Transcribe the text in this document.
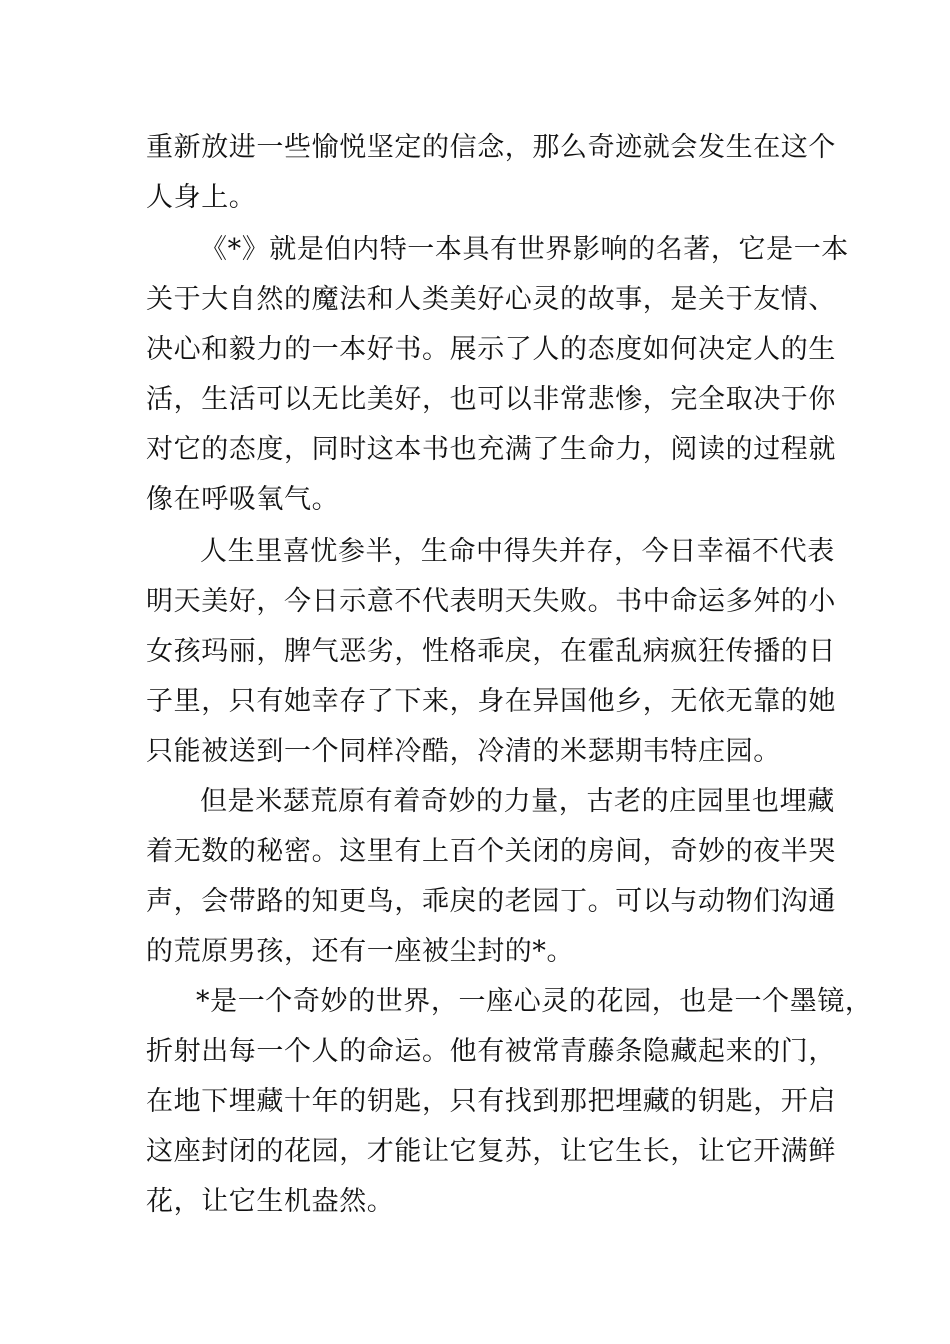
重新放进一些愉悦坚定的信念，那么奇迹就会发生在这个
人身上。
《*》就是伯内特一本具有世界影响的名著，它是一本
关于大自然的魔法和人类美好心灵的故事，是关于友情、
决心和毅力的一本好书。展示了人的态度如何决定人的生
活，生活可以无比美好，也可以非常悲惨，完全取决于你
对它的态度，同时这本书也充满了生命力，阅读的过程就
像在呼吸氧气。
人生里喜忧参半，生命中得失并存，今日幸福不代表
明天美好，今日示意不代表明天失败。书中命运多舛的小
女孩玛丽，脾气恶劣，性格乖戾，在霍乱病疯狂传播的日
子里，只有她幸存了下来，身在异国他乡，无依无靠的她
只能被送到一个同样冷酷，冷清的米瑟期韦特庄园。
但是米瑟荒原有着奇妙的力量，古老的庄园里也埋藏
着无数的秘密。这里有上百个关闭的房间，奇妙的夜半哭
声，会带路的知更鸟，乖戾的老园丁。可以与动物们沟通
的荒原男孩，还有一座被尘封的*。
*是一个奇妙的世界，一座心灵的花园，也是一个墨镜，
折射出每一个人的命运。他有被常青藤条隐藏起来的门，
在地下埋藏十年的钥匙，只有找到那把埋藏的钥匙，开启
这座封闭的花园，才能让它复苏，让它生长，让它开满鲜
花，让它生机盎然。
